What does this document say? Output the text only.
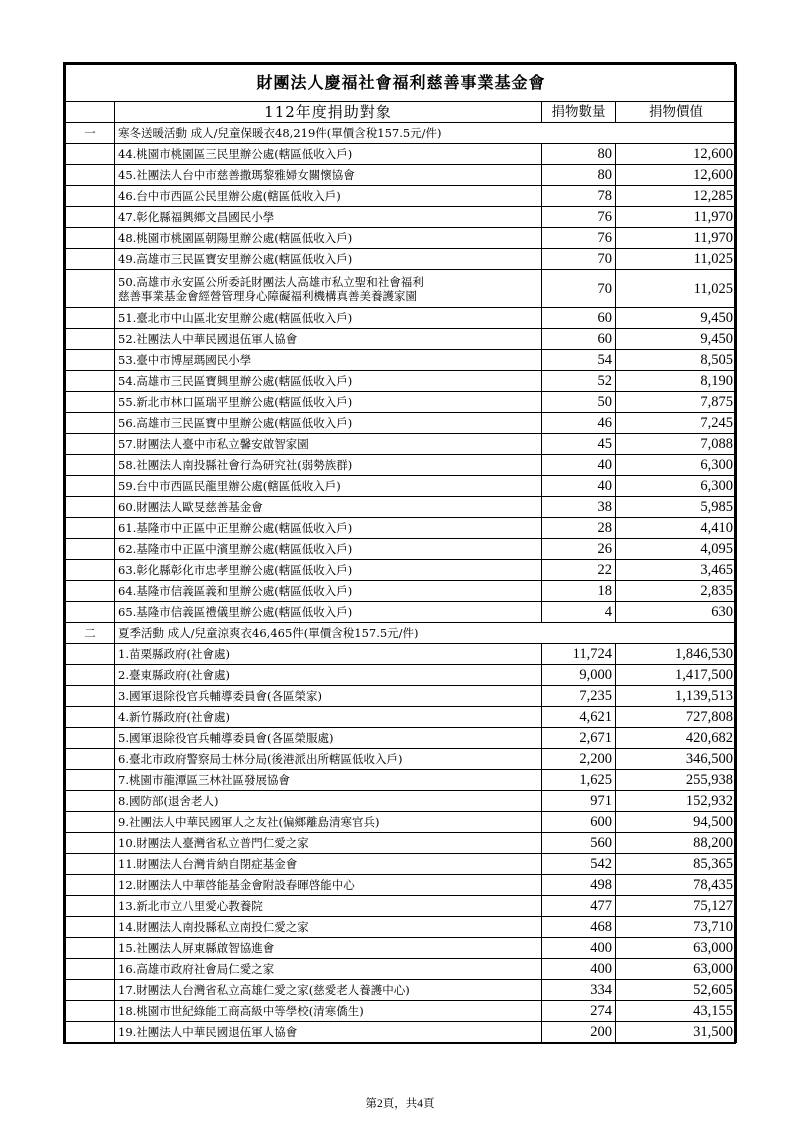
財團法人慶福社會福利慈善事業基金會			
	112年度捐助對象	捐物數量	捐物價值
一	寒冬送暖活動 成人/兒童保暖衣48,219件(單價含稅157.5元/件)		
	44.桃園市桃園區三民里辦公處(轄區低收入戶)	80	12,600
	45.社團法人台中市慈善撒瑪黎雅婦女關懷協會	80	12,600
	46.台中市西區公民里辦公處(轄區低收入戶)	78	12,285
	47.彰化縣福興鄉文昌國民小學	76	11,970
	48.桃園市桃園區朝陽里辦公處(轄區低收入戶)	76	11,970
	49.高雄市三民區寶安里辦公處(轄區低收入戶)	70	11,025
	50.高雄市永安區公所委託財團法人高雄市私立聖和社會福利
慈善事業基金會經營管理身心障礙福利機構真善美養護家園	70	11,025
	51.臺北市中山區北安里辦公處(轄區低收入戶)	60	9,450
	52.社團法人中華民國退伍軍人協會	60	9,450
	53.臺中市博屋瑪國民小學	54	8,505
	54.高雄市三民區寶興里辦公處(轄區低收入戶)	52	8,190
	55.新北市林口區瑞平里辦公處(轄區低收入戶)	50	7,875
	56.高雄市三民區寶中里辦公處(轄區低收入戶)	46	7,245
	57.財團法人臺中市私立馨安啟智家園	45	7,088
	58.社團法人南投縣社會行為研究社(弱勢族群)	40	6,300
	59.台中市西區民龍里辦公處(轄區低收入戶)	40	6,300
	60.財團法人歐旻慈善基金會	38	5,985
	61.基隆市中正區中正里辦公處(轄區低收入戶)	28	4,410
	62.基隆市中正區中濱里辦公處(轄區低收入戶)	26	4,095
	63.彰化縣彰化市忠孝里辦公處(轄區低收入戶)	22	3,465
	64.基隆市信義區義和里辦公處(轄區低收入戶)	18	2,835
	65.基隆市信義區禮儀里辦公處(轄區低收入戶)	4	630
二	夏季活動 成人/兒童涼爽衣46,465件(單價含稅157.5元/件)		
	1.苗栗縣政府(社會處)	11,724	1,846,530
	2.臺東縣政府(社會處)	9,000	1,417,500
	3.國軍退除役官兵輔導委員會(各區榮家)	7,235	1,139,513
	4.新竹縣政府(社會處)	4,621	727,808
	5.國軍退除役官兵輔導委員會(各區榮服處)	2,671	420,682
	6.臺北市政府警察局士林分局(後港派出所轄區低收入戶)	2,200	346,500
	7.桃園市龍潭區三林社區發展協會	1,625	255,938
	8.國防部(退舍老人)	971	152,932
	9.社團法人中華民國軍人之友社(偏鄉離島清寒官兵)	600	94,500
	10.財團法人臺灣省私立普門仁愛之家	560	88,200
	11.財團法人台灣肯納自閉症基金會	542	85,365
	12.財團法人中華啓能基金會附設春暉啓能中心	498	78,435
	13.新北市立八里愛心教養院	477	75,127
	14.財團法人南投縣私立南投仁愛之家	468	73,710
	15.社團法人屏東縣啟智協進會	400	63,000
	16.高雄市政府社會局仁愛之家	400	63,000
	17.財團法人台灣省私立高雄仁愛之家(慈愛老人養護中心)	334	52,605
	18.桃園市世紀綠能工商高級中等學校(清寒僑生)	274	43,155
	19.社團法人中華民國退伍軍人協會	200	31,500
第2頁，共4頁
